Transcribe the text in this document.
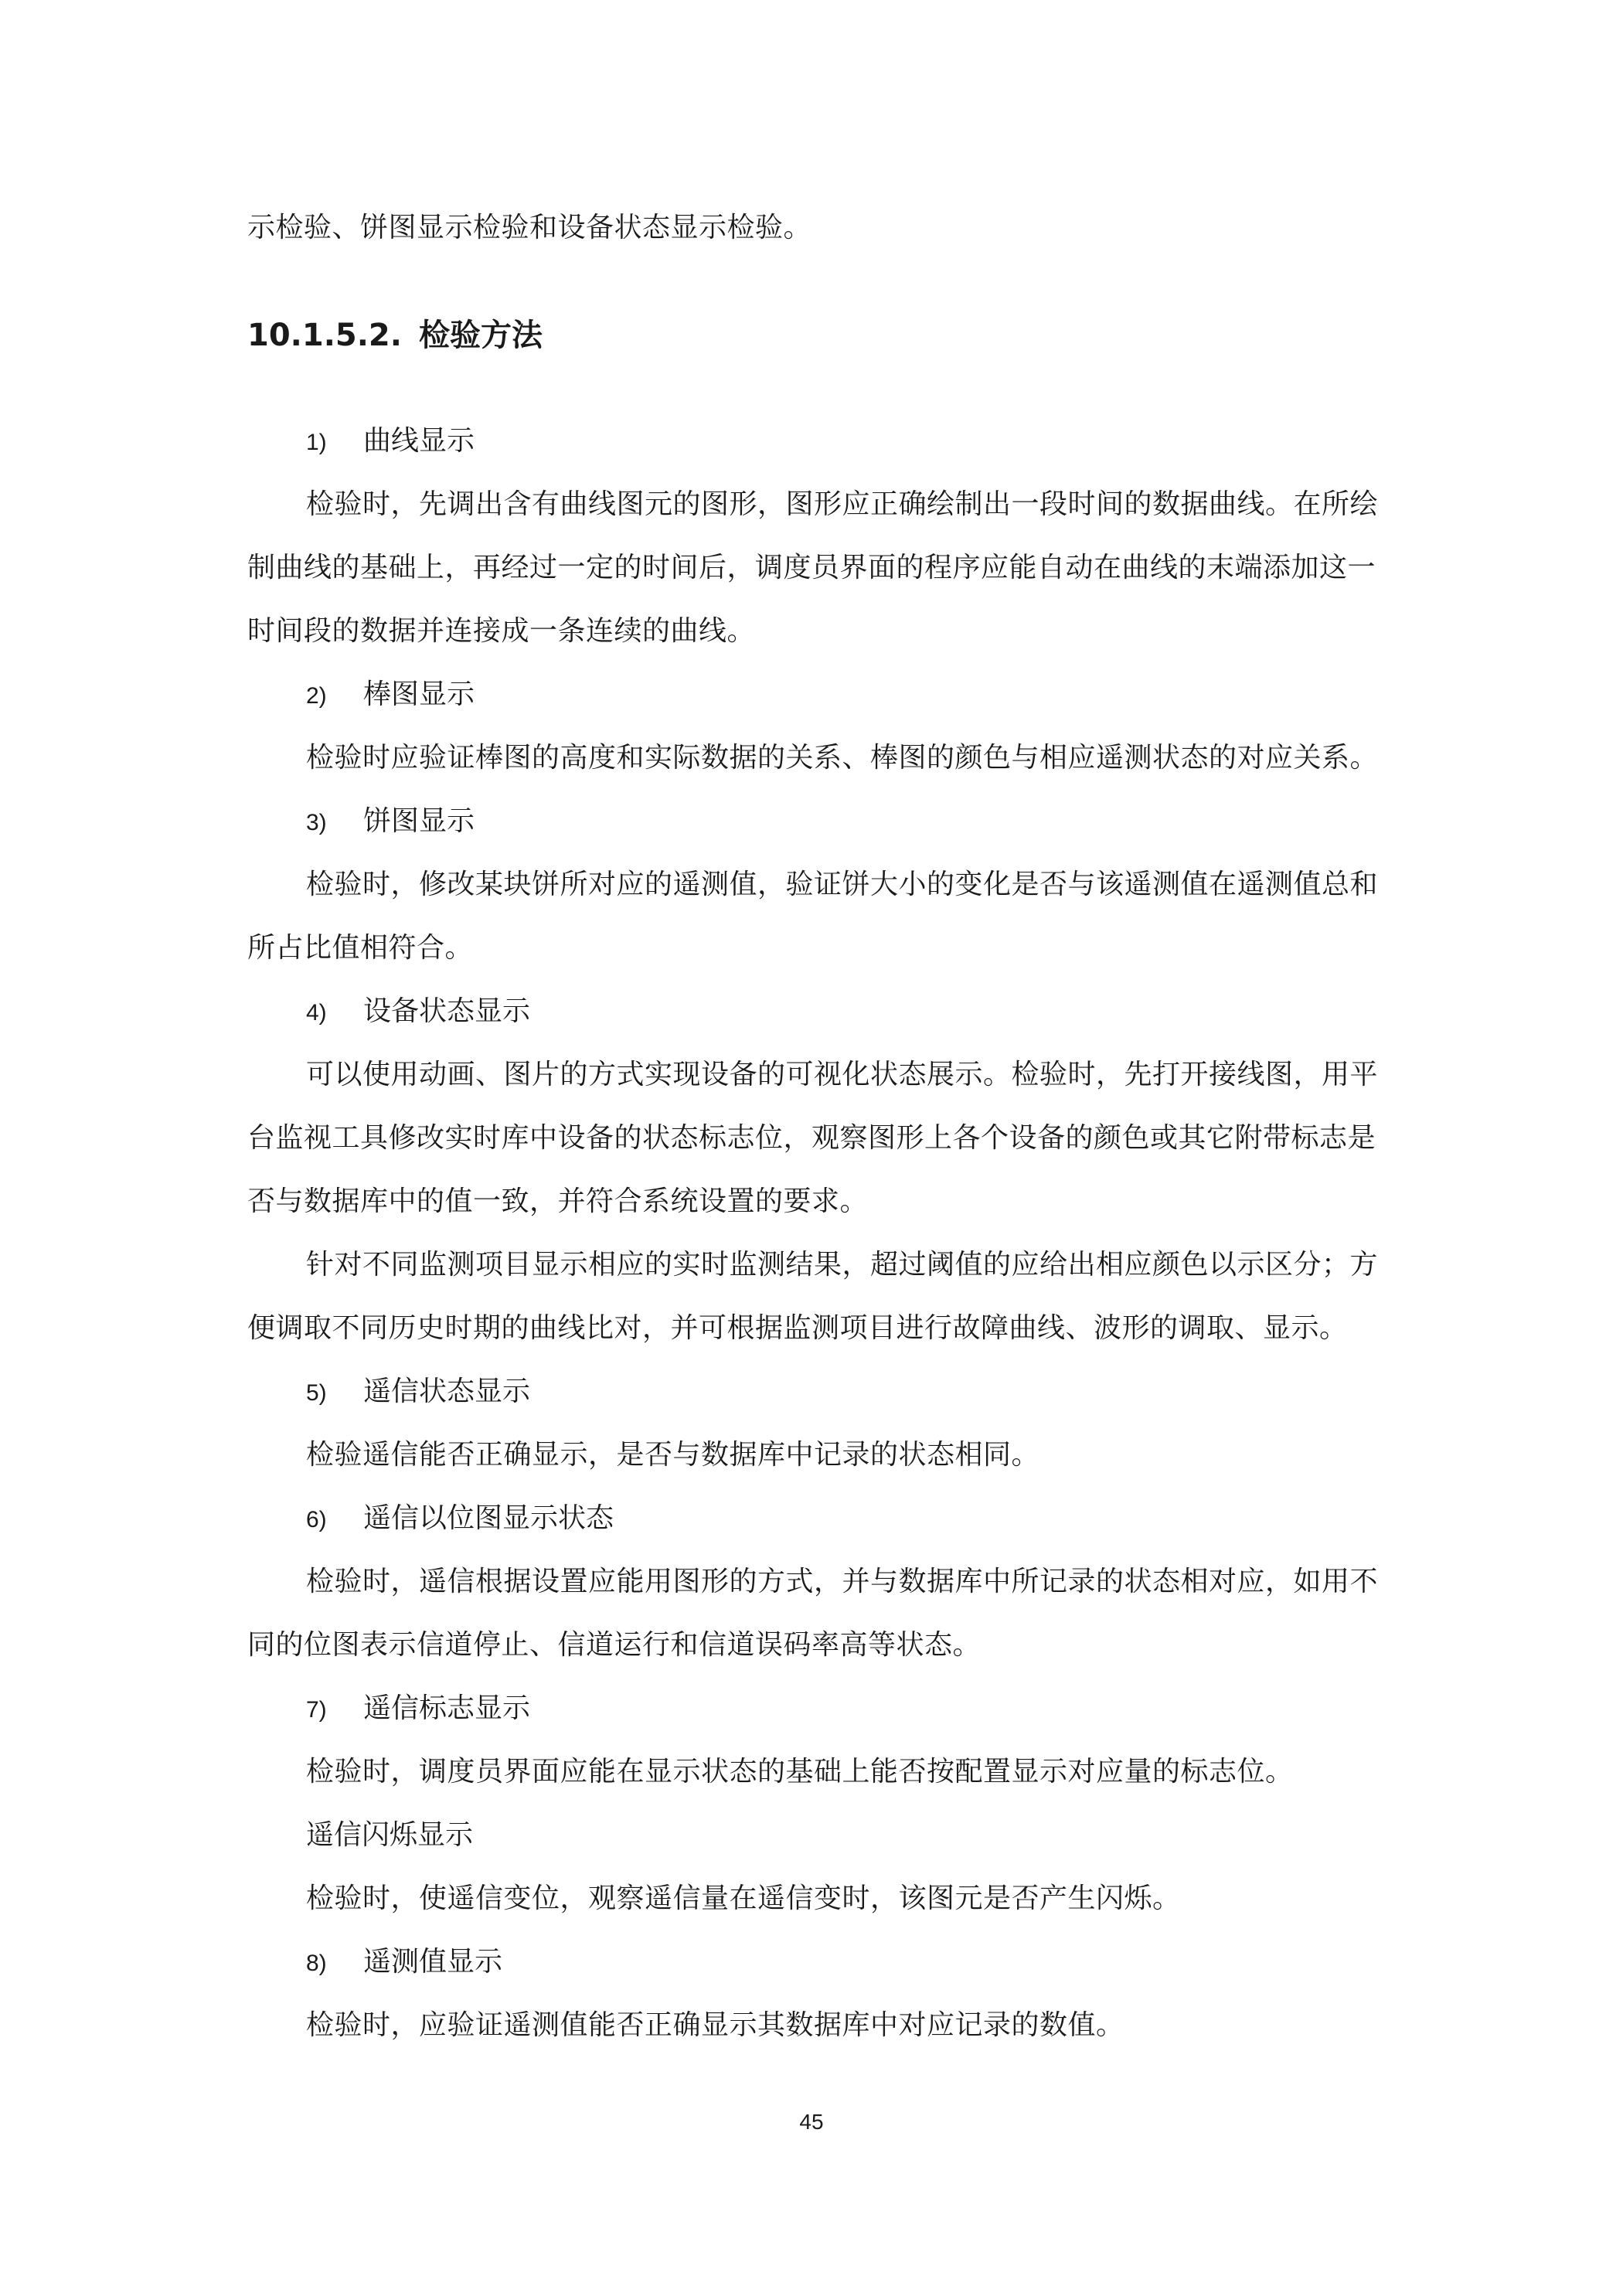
示检验、饼图显示检验和设备状态显示检验。
10.1.5.2. 检验方法
1) 曲线显示
检验时，先调出含有曲线图元的图形，图形应正确绘制出一段时间的数据曲线。在所绘
制曲线的基础上，再经过一定的时间后，调度员界面的程序应能自动在曲线的末端添加这一
时间段的数据并连接成一条连续的曲线。
2) 棒图显示
检验时应验证棒图的高度和实际数据的关系、棒图的颜色与相应遥测状态的对应关系。
3) 饼图显示
检验时，修改某块饼所对应的遥测值，验证饼大小的变化是否与该遥测值在遥测值总和
所占比值相符合。
4) 设备状态显示
可以使用动画、图片的方式实现设备的可视化状态展示。检验时，先打开接线图，用平
台监视工具修改实时库中设备的状态标志位，观察图形上各个设备的颜色或其它附带标志是
否与数据库中的值一致，并符合系统设置的要求。
针对不同监测项目显示相应的实时监测结果，超过阈值的应给出相应颜色以示区分；方
便调取不同历史时期的曲线比对，并可根据监测项目进行故障曲线、波形的调取、显示。
5) 遥信状态显示
检验遥信能否正确显示，是否与数据库中记录的状态相同。
6) 遥信以位图显示状态
检验时，遥信根据设置应能用图形的方式，并与数据库中所记录的状态相对应，如用不
同的位图表示信道停止、信道运行和信道误码率高等状态。
7) 遥信标志显示
检验时，调度员界面应能在显示状态的基础上能否按配置显示对应量的标志位。
遥信闪烁显示
检验时，使遥信变位，观察遥信量在遥信变时，该图元是否产生闪烁。
8) 遥测值显示
检验时，应验证遥测值能否正确显示其数据库中对应记录的数值。
45
